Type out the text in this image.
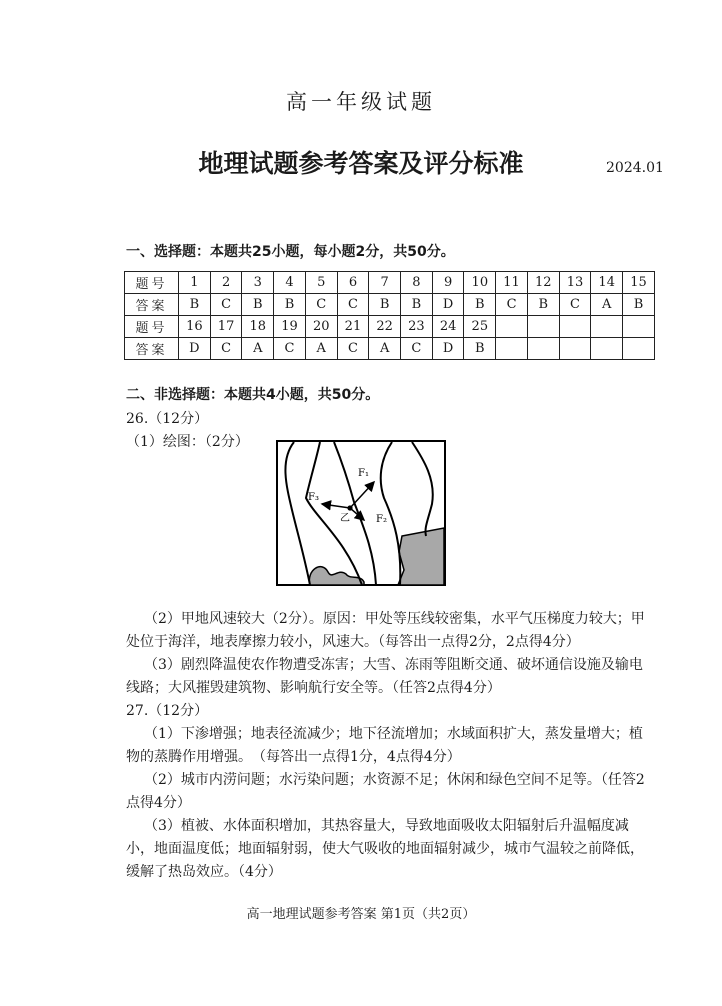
高一年级试题
地理试题参考答案及评分标准	2024.01
一、选择题：本题共25小题，每小题2分，共50分。
题号	1	2	3	4	5	6	7	8	9	10	11	12	13	14	15
答案	B	C	B	B	C	C	B	B	D	B	C	B	C	A	B
题号	16	17	18	19	20	21	22	23	24	25					
答案	D	C	A	C	A	C	A	C	D	B					
二、非选择题：本题共4小题，共50分。
26.（12分）
（1）绘图：（2分）
F₁
F₃
F₂
乙
（2）甲地风速较大（2分）。原因：甲处等压线较密集，水平气压梯度力较大；甲处位于海洋，地表摩擦力较小，风速大。（每答出一点得2分，2点得4分）
（3）剧烈降温使农作物遭受冻害；大雪、冻雨等阻断交通、破坏通信设施及输电线路；大风摧毁建筑物、影响航行安全等。（任答2点得4分）
27.（12分）
（1）下渗增强；地表径流减少；地下径流增加；水域面积扩大，蒸发量增大；植物的蒸腾作用增强。　（每答出一点得1分，4点得4分）
（2）城市内涝问题；水污染问题；水资源不足；休闲和绿色空间不足等。（任答2点得4分）
（3）植被、水体面积增加，其热容量大，导致地面吸收太阳辐射后升温幅度减小，地面温度低；地面辐射弱，使大气吸收的地面辐射减少，城市气温较之前降低，缓解了热岛效应。（4分）
高一地理试题参考答案 第1页（共2页）
